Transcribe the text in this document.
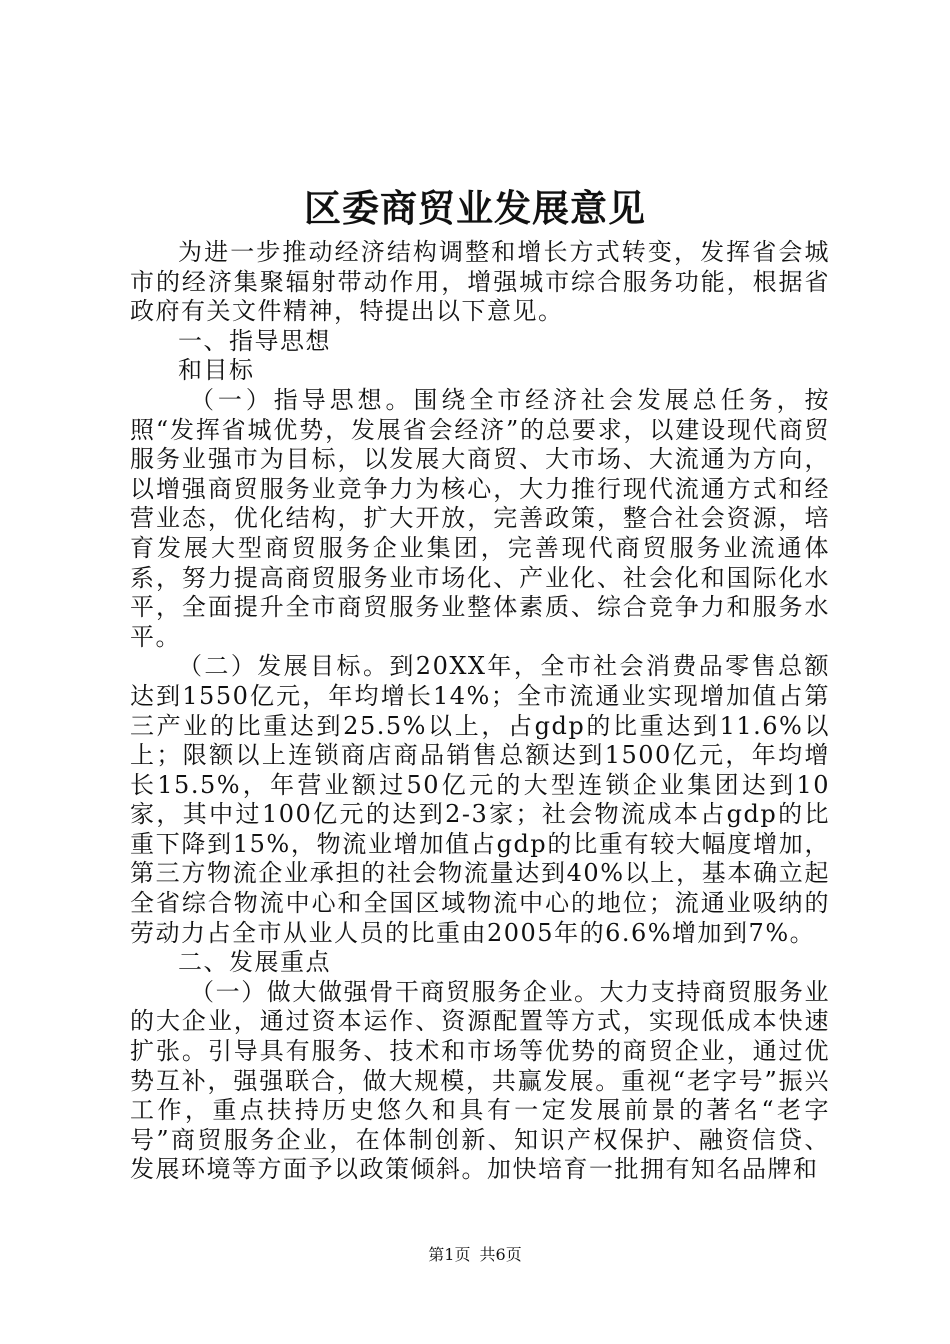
区委商贸业发展意见

为进一步推动经济结构调整和增长方式转变，发挥省会城市的经济集聚辐射带动作用，增强城市综合服务功能，根据省政府有关文件精神，特提出以下意见。

一、指导思想

和目标

（一）指导思想。围绕全市经济社会发展总任务，按照“发挥省城优势，发展省会经济”的总要求，以建设现代商贸服务业强市为目标，以发展大商贸、大市场、大流通为方向，以增强商贸服务业竞争力为核心，大力推行现代流通方式和经营业态，优化结构，扩大开放，完善政策，整合社会资源，培育发展大型商贸服务企业集团，完善现代商贸服务业流通体系，努力提高商贸服务业市场化、产业化、社会化和国际化水平，全面提升全市商贸服务业整体素质、综合竞争力和服务水平。

（二）发展目标。到20XX年，全市社会消费品零售总额达到1550亿元，年均增长14%；全市流通业实现增加值占第三产业的比重达到25.5%以上，占gdp的比重达到11.6%以上；限额以上连锁商店商品销售总额达到1500亿元，年均增长15.5%，年营业额过50亿元的大型连锁企业集团达到10家，其中过100亿元的达到2-3家；社会物流成本占gdp的比重下降到15%，物流业增加值占gdp的比重有较大幅度增加，第三方物流企业承担的社会物流量达到40%以上，基本确立起全省综合物流中心和全国区域物流中心的地位；流通业吸纳的劳动力占全市从业人员的比重由2005年的6.6%增加到7%。

二、发展重点

（一）做大做强骨干商贸服务企业。大力支持商贸服务业的大企业，通过资本运作、资源配置等方式，实现低成本快速扩张。引导具有服务、技术和市场等优势的商贸企业，通过优势互补，强强联合，做大规模，共赢发展。重视“老字号”振兴工作，重点扶持历史悠久和具有一定发展前景的著名“老字号”商贸服务企业，在体制创新、知识产权保护、融资信贷、发展环境等方面予以政策倾斜。加快培育一批拥有知名品牌和

第1页 共6页
